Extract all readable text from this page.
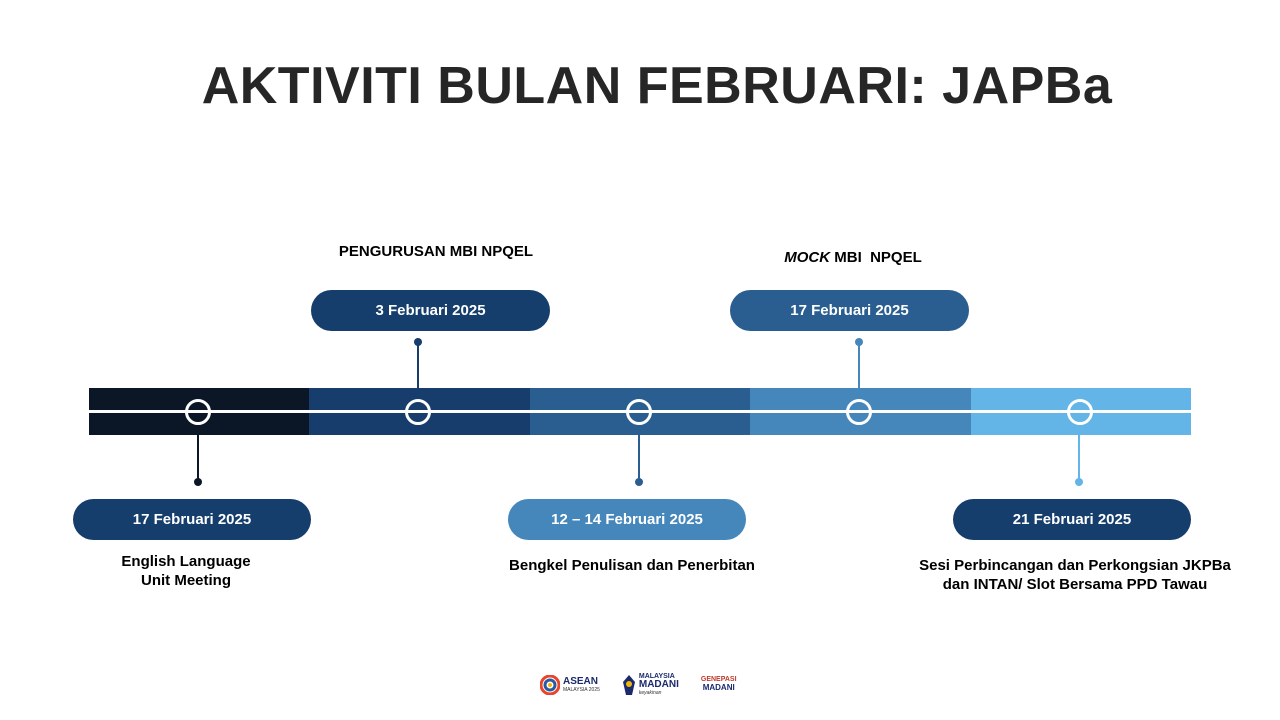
AKTIVITI BULAN FEBRUARI: JAPBa
17 Februari 2025
English Language
Unit Meeting
PENGURUSAN MBI NPQEL
3 Februari 2025
12 – 14 Februari 2025
Bengkel Penulisan dan Penerbitan
MOCK MBI  NPQEL
17 Februari 2025
21 Februari 2025
Sesi Perbincangan dan Perkongsian JKPBa
dan INTAN/ Slot Bersama PPD Tawau
ASEAN
MALAYSIA 2025
MALAYSIA
MADANI
keyakinan
GENEPASI
MADANI
